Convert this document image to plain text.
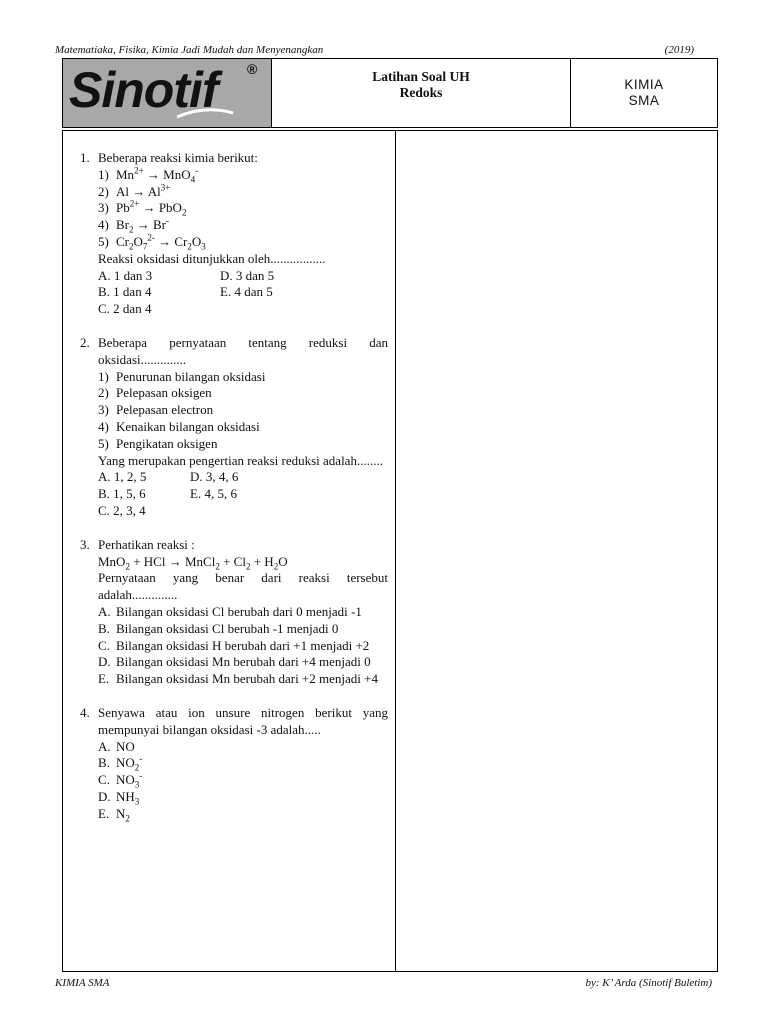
Matematiaka, Fisika, Kimia Jadi Mudah dan Menyenangkan	(2019)
Sinotif ®	Latihan Soal UH
Redoks
KIMIA
SMA
1. Beberapa reaksi kimia berikut:
1) $Mn^{2+} \to MnO_4^-$
2) $Al \to Al^{3+}$
3) $Pb^{2+} \to PbO_2$
4) $Br_2 \to Br^-$
5) $Cr_2O_7^{2-} \to Cr_2O_3$
Reaksi oksidasi ditunjukkan oleh.................
A. 1 dan 3	D. 3 dan 5
B. 1 dan 4	E. 4 dan 5
C. 2 dan 4
2. Beberapa pernyataan tentang reduksi dan oksidasi..............
1) Penurunan bilangan oksidasi
2) Pelepasan oksigen
3) Pelepasan electron
4) Kenaikan bilangan oksidasi
5) Pengikatan oksigen
Yang merupakan pengertian reaksi reduksi adalah........
A. 1, 2, 5	D. 3, 4, 6
B. 1, 5, 6	E. 4, 5, 6
C. 2, 3, 4
3. Perhatikan reaksi :
MnO$_2$ + HCl → MnCl$_2$ + $Cl_2 + H_2O$
Pernyataan yang benar dari reaksi tersebut adalah..............
A. Bilangan oksidasi Cl berubah dari 0 menjadi -1
B. Bilangan oksidasi Cl berubah -1 menjadi 0
C. Bilangan oksidasi H berubah dari +1 menjadi +2
D. Bilangan oksidasi Mn berubah dari +4 menjadi 0
E. Bilangan oksidasi Mn berubah dari +2 menjadi +4
4. Senyawa atau ion unsure nitrogen berikut yang mempunyai bilangan oksidasi -3 adalah.....
A. NO
B. $NO_2^-$
C. $NO_3^-$
D. $NH_3$
E. $N_2$
KIMIA SMA	by: K’ Arda (Sinotif Buletim)
